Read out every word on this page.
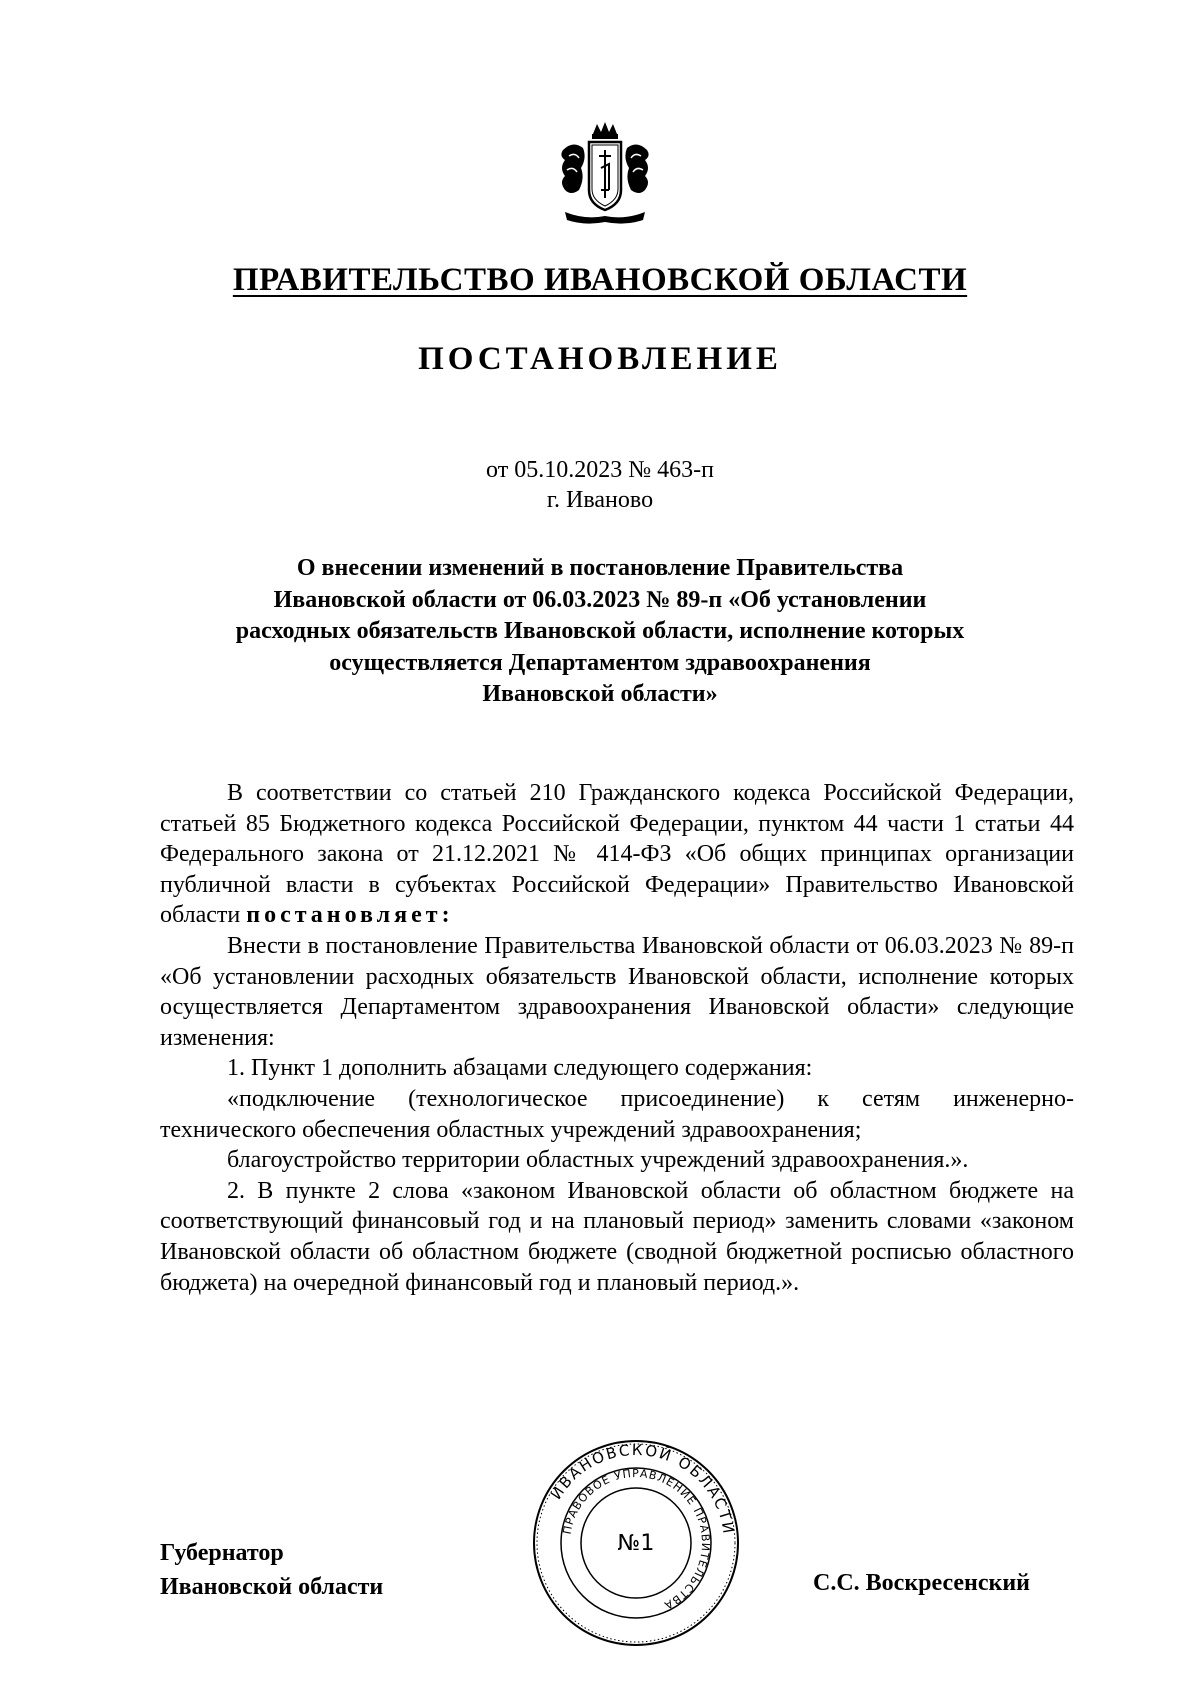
ПРАВИТЕЛЬСТВО ИВАНОВСКОЙ ОБЛАСТИ
ПОСТАНОВЛЕНИЕ
от 05.10.2023 № 463-п
г. Иваново
О внесении изменений в постановление Правительства
Ивановской области от 06.03.2023 № 89-п «Об установлении
расходных обязательств Ивановской области, исполнение которых
осуществляется Департаментом здравоохранения
Ивановской области»

В соответствии со статьей 210 Гражданского кодекса Российской Федерации, статьей 85 Бюджетного кодекса Российской Федерации, пунктом 44 части 1 статьи 44 Федерального закона от 21.12.2021 № 414-ФЗ «Об общих принципах организации публичной власти в субъектах Российской Федерации» Правительство Ивановской области постановляет:

Внести в постановление Правительства Ивановской области от 06.03.2023 № 89-п «Об установлении расходных обязательств Ивановской области, исполнение которых осуществляется Департаментом здравоохранения Ивановской области» следующие изменения:

1. Пункт 1 дополнить абзацами следующего содержания:

«подключение (технологическое присоединение) к сетям инженерно-технического обеспечения областных учреждений здравоохранения;

благоустройство территории областных учреждений здравоохранения.».

2. В пункте 2 слова «законом Ивановской области об областном бюджете на соответствующий финансовый год и на плановый период» заменить словами «законом Ивановской области об областном бюджете (сводной бюджетной росписью областного бюджета) на очередной финансовый год и плановый период.».

Губернатор
Ивановской области
ИВАНОВСКОЙ ОБЛАСТИ
ПРАВОВОЕ УПРАВЛЕНИЕ ПРАВИТЕЛЬСТВА
№1
С.С. Воскресенский
